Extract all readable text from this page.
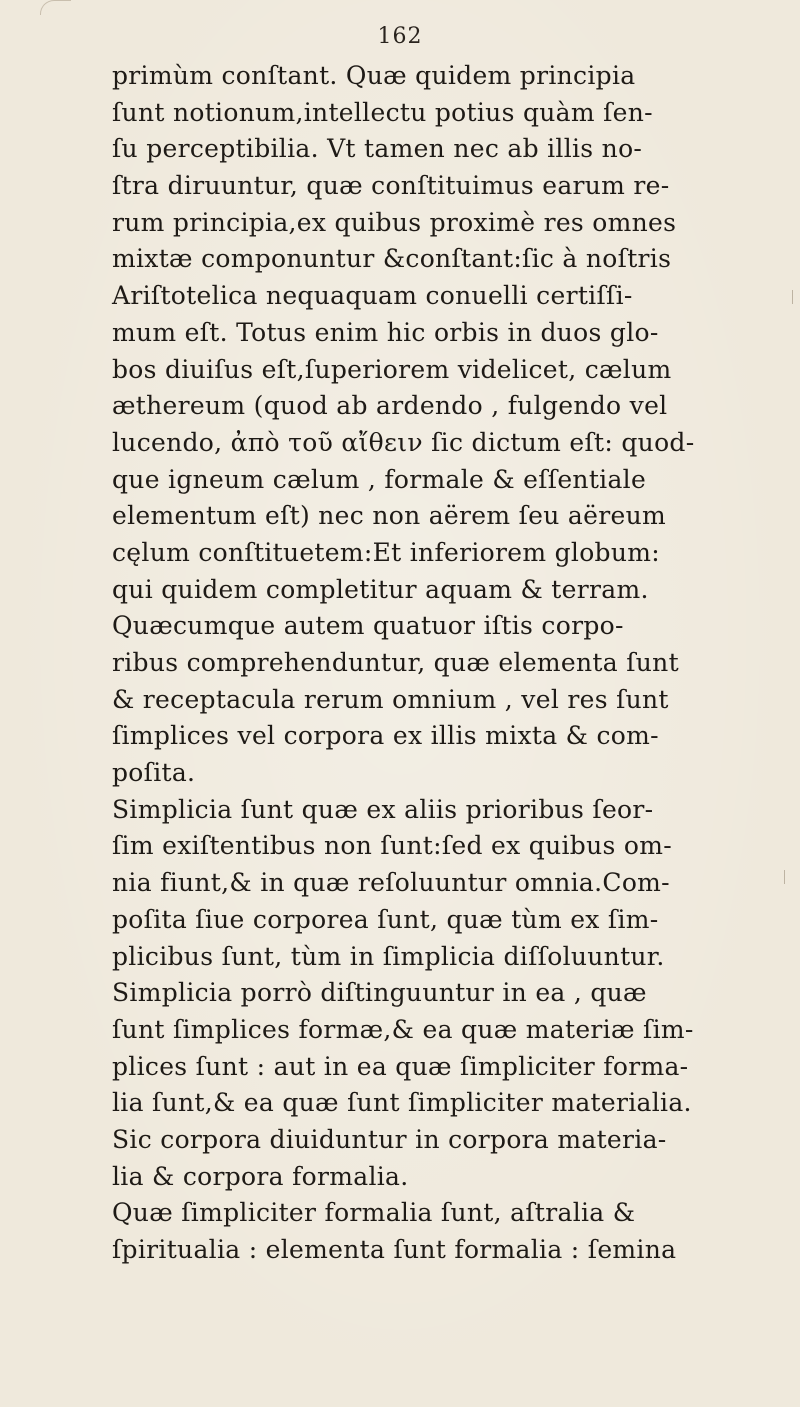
162
primùm conſtant. Quæ quidem principia
ſunt notionum,intellectu potius quàm ſen-
ſu perceptibilia. Vt tamen nec ab illis no-
ſtra diruuntur, quæ conſtituimus earum re-
rum principia,ex quibus proximè res omnes
mixtæ componuntur &conſtant:ſic à noſtris
Ariſtotelica nequaquam conuelli certiſſi-
mum eſt. Totus enim hic orbis in duos glo-
bos diuiſus eſt,ſuperiorem videlicet, cælum
æthereum (quod ab ardendo , fulgendo vel
lucendo, ἀπὸ τοῦ αἴθειν ſic dictum eſt: quod-
que igneum cælum , formale & eſſentiale
elementum eſt) nec non aërem ſeu aëreum
cęlum conſtituetem:Et inferiorem globum:
qui quidem completitur aquam & terram.
Quæcumque autem quatuor iſtis corpo-
ribus comprehenduntur, quæ elementa ſunt
& receptacula rerum omnium , vel res ſunt
ſimplices vel corpora ex illis mixta & com-
poſita.
Simplicia ſunt quæ ex aliis prioribus ſeor-
ſim exiſtentibus non ſunt:ſed ex quibus om-
nia fiunt,& in quæ reſoluuntur omnia.Com-
poſita ſiue corporea ſunt, quæ tùm ex ſim-
plicibus ſunt, tùm in ſimplicia diſſoluuntur.
Simplicia porrò diſtinguuntur in ea , quæ
ſunt ſimplices formæ,& ea quæ materiæ ſim-
plices ſunt : aut in ea quæ ſimpliciter forma-
lia ſunt,& ea quæ ſunt ſimpliciter materialia.
Sic corpora diuiduntur in corpora materia-
lia & corpora formalia.
Quæ ſimpliciter formalia ſunt, aſtralia &
ſpiritualia : elementa ſunt formalia : ſemina
